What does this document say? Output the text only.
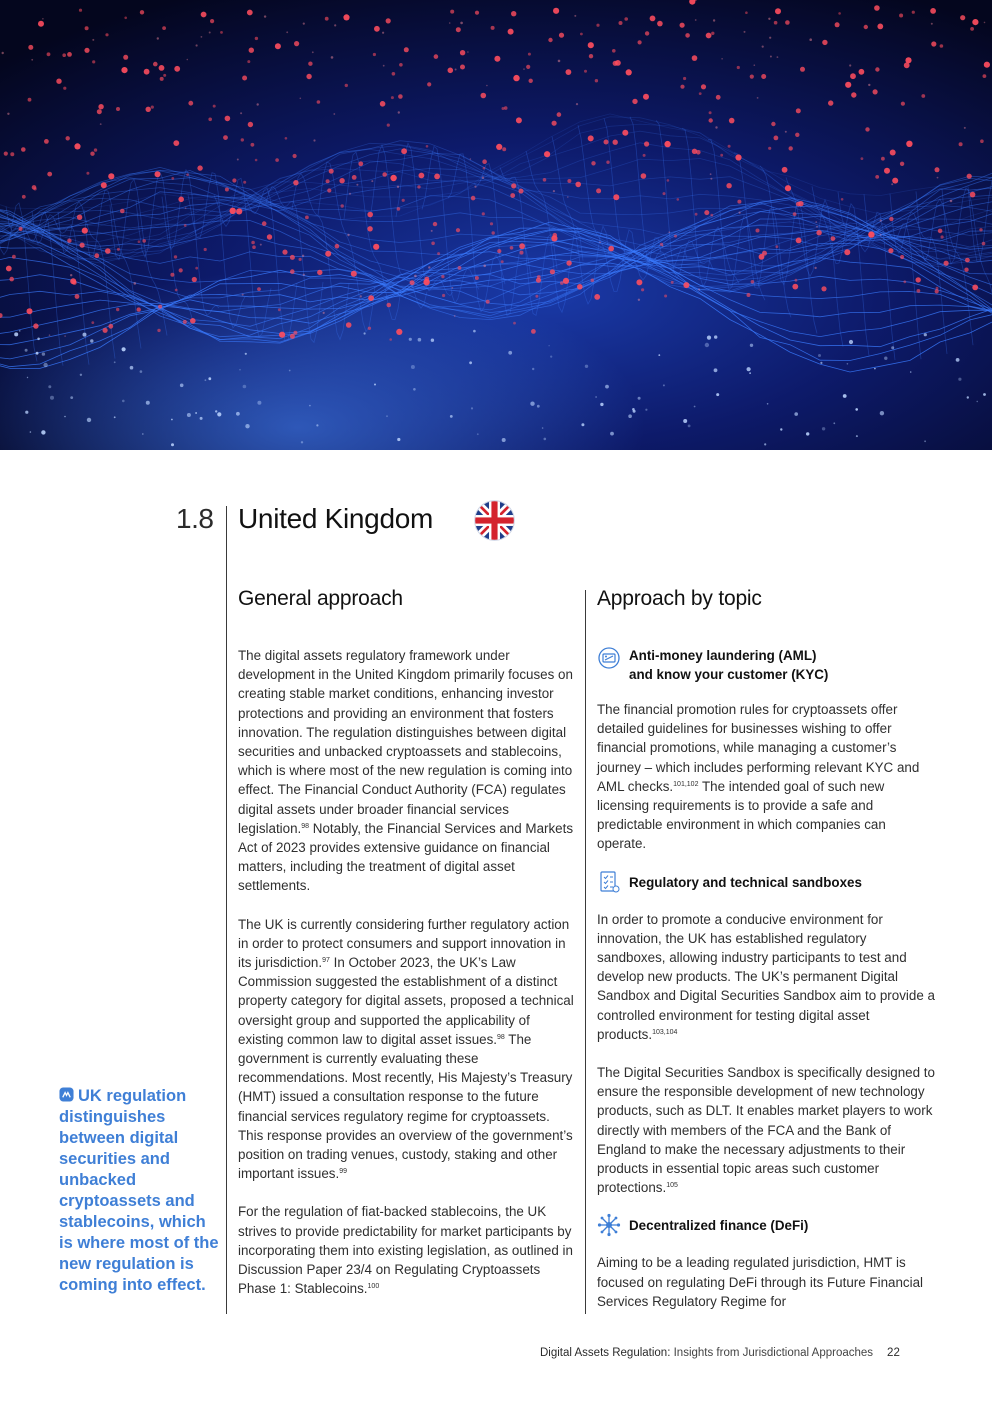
1.8 United Kingdom
General approach	Approach by topic

The digital assets regulatory framework under development in the United Kingdom primarily focuses on creating stable market conditions, enhancing investor protections and providing an environment that fosters innovation. The regulation distinguishes between digital securities and unbacked cryptoassets and stablecoins, which is where most of the new regulation is coming into effect. The Financial Conduct Authority (FCA) regulates digital assets under broader financial services legislation.$^{98}$ Notably, the Financial Services and Markets Act of 2023 provides extensive guidance on financial matters, including the treatment of digital asset settlements.

The UK is currently considering further regulatory action in order to protect consumers and support innovation in its jurisdiction.$^{97}$ In October 2023, the UK’s Law Commission suggested the establishment of a distinct property category for digital assets, proposed a technical oversight group and supported the applicability of existing common law to digital asset issues.$^{98}$ The government is currently evaluating these recommendations. Most recently, His Majesty’s Treasury (HMT) issued a consultation response to the future financial services regulatory regime for cryptoassets. This response provides an overview of the government’s position on trading venues, custody, staking and other important issues.$^{99}$

For the regulation of fiat-backed stablecoins, the UK strives to provide predictability for market participants by incorporating them into existing legislation, as outlined in Discussion Paper 23/4 on Regulating Cryptoassets Phase 1: Stablecoins.$^{100}$

Anti-money laundering (AML)
and know your customer (KYC)

The financial promotion rules for cryptoassets offer detailed guidelines for businesses wishing to offer financial promotions, while managing a customer’s journey – which includes performing relevant KYC and AML checks.$^{101,102}$ The intended goal of such new licensing requirements is to provide a safe and predictable environment in which companies can operate.

Regulatory and technical sandboxes

In order to promote a conducive environment for innovation, the UK has established regulatory sandboxes, allowing industry participants to test and develop new products. The UK’s permanent Digital Sandbox and Digital Securities Sandbox aim to provide a controlled environment for testing digital asset products.$^{103,104}$

The Digital Securities Sandbox is specifically designed to ensure the responsible development of new technology products, such as DLT. It enables market players to work directly with members of the FCA and the Bank of England to make the necessary adjustments to their products in essential topic areas such customer protections.$^{105}$

Decentralized finance (DeFi)

Aiming to be a leading regulated jurisdiction, HMT is focused on regulating DeFi through its Future Financial Services Regulatory Regime for

UK regulation distinguishes between digital securities and unbacked cryptoassets and stablecoins, which is where most of the new regulation is coming into effect.
Digital Assets Regulation: Insights from Jurisdictional Approaches 22
